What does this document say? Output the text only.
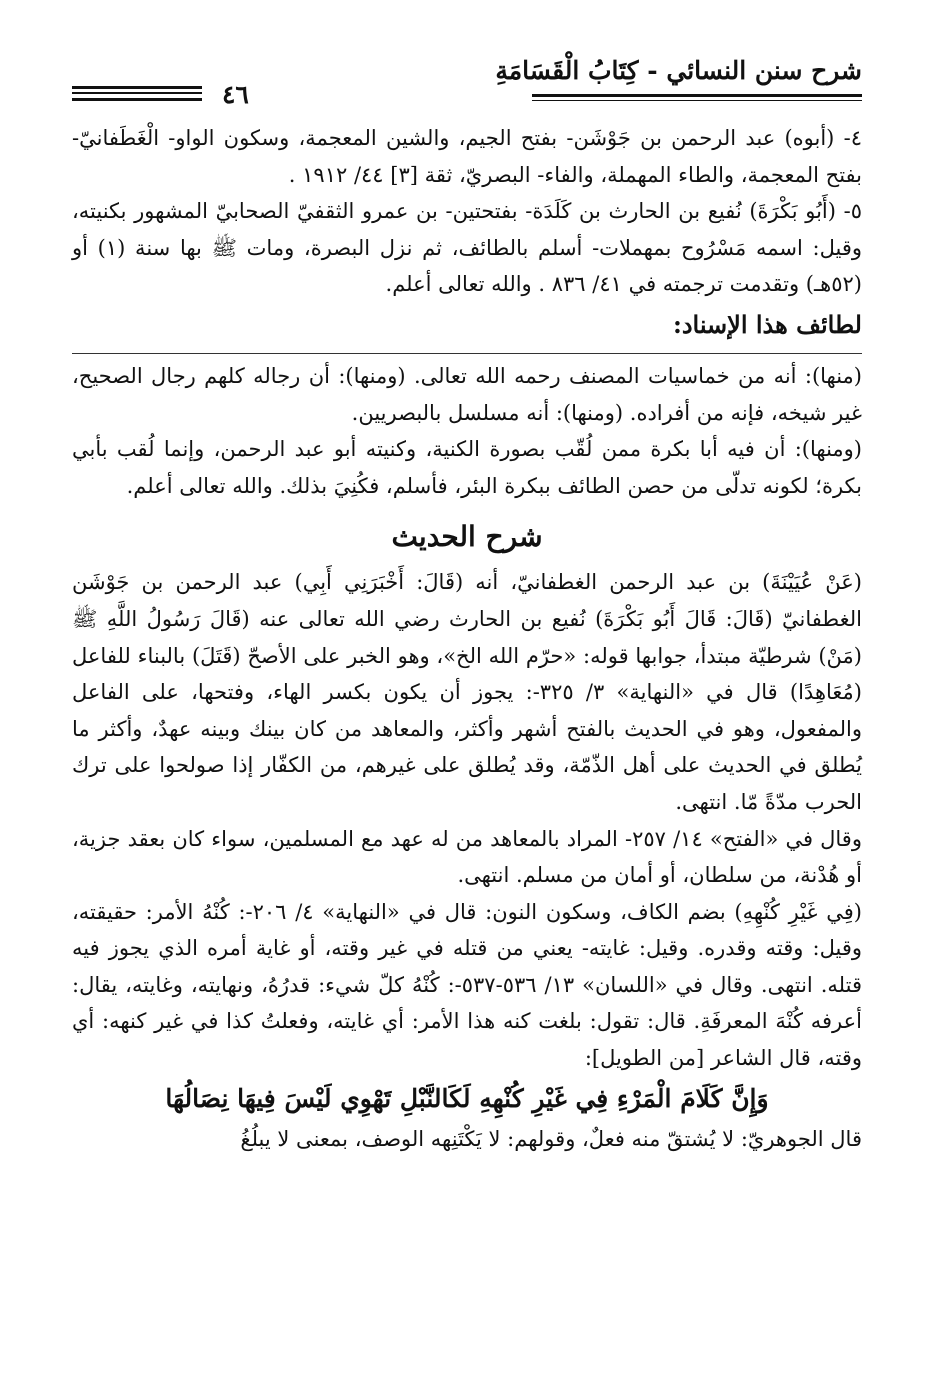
شرح سنن النسائي - كِتَابُ الْقَسَامَةِ
٤٦

٤- (أبوه) عبد الرحمن بن جَوْشَن- بفتح الجيم، والشين المعجمة، وسكون الواو- الْغَطَفانيّ- بفتح المعجمة، والطاء المهملة، والفاء- البصريّ، ثقة [٣] ٤٤/ ١٩١٢ .

٥- (أَبُو بَكْرَةَ) نُفيع بن الحارث بن كَلَدَة- بفتحتين- بن عمرو الثقفيّ الصحابيّ المشهور بكنيته، وقيل: اسمه مَسْرُوح بمهملات- أسلم بالطائف، ثم نزل البصرة، ومات ﷺ بها سنة (١) أو (٥٢هـ) وتقدمت ترجمته في ٤١/ ٨٣٦ . والله تعالى أعلم.

لطائف هذا الإسناد:

(منها): أنه من خماسيات المصنف رحمه الله تعالى. (ومنها): أن رجاله كلهم رجال الصحيح، غير شيخه، فإنه من أفراده. (ومنها): أنه مسلسل بالبصريين.

(ومنها): أن فيه أبا بكرة ممن لُقّب بصورة الكنية، وكنيته أبو عبد الرحمن، وإنما لُقب بأبي بكرة؛ لكونه تدلّى من حصن الطائف ببكرة البئر، فأسلم، فكُنِيَ بذلك. والله تعالى أعلم.

شرح الحديث

(عَنْ عُيَيْنَةَ) بن عبد الرحمن الغطفانيّ، أنه (قَالَ: أَخْبَرَنِي أَبِي) عبد الرحمن بن جَوْشَن الغطفانيّ (قَالَ: قَالَ أَبُو بَكْرَةَ) نُفيع بن الحارث رضي الله تعالى عنه (قَالَ رَسُولُ اللَّهِ ﷺ (مَنْ) شرطيّة مبتدأ، جوابها قوله: «حرّم الله الخ»، وهو الخبر على الأصحّ (قَتَلَ) بالبناء للفاعل (مُعَاهِدًا) قال في «النهاية» ٣/ ٣٢٥-: يجوز أن يكون بكسر الهاء، وفتحها، على الفاعل والمفعول، وهو في الحديث بالفتح أشهر وأكثر، والمعاهد من كان بينك وبينه عهدٌ، وأكثر ما يُطلق في الحديث على أهل الذّمّة، وقد يُطلق على غيرهم، من الكفّار إذا صولحوا على ترك الحرب مدّةً مّا. انتهى.

وقال في «الفتح» ١٤/ ٢٥٧- المراد بالمعاهد من له عهد مع المسلمين، سواء كان بعقد جزية، أو هُدْنة، من سلطان، أو أمان من مسلم. انتهى.

(فِي غَيْرِ كُنْهِهِ) بضم الكاف، وسكون النون: قال في «النهاية» ٤/ ٢٠٦-: كُنْهُ الأمر: حقيقته، وقيل: وقته وقدره. وقيل: غايته- يعني من قتله في غير وقته، أو غاية أمره الذي يجوز فيه قتله. انتهى. وقال في «اللسان» ١٣/ ٥٣٦-٥٣٧-: كُنْهُ كلّ شيء: قدرُهُ، ونهايته، وغايته، يقال: أعرفه كُنْهَ المعرفَةِ. قال: تقول: بلغت كنه هذا الأمر: أي غايته، وفعلتُ كذا في غير كنهه: أي وقته، قال الشاعر [من الطويل]:

وَإِنَّ كَلَامَ الْمَرْءِ فِي غَيْرِ كُنْهِهِ لَكَالنَّبْلِ تَهْوِي لَيْسَ فِيهَا نِصَالُهَا

قال الجوهريّ: لا يُشتقّ منه فعلٌ، وقولهم: لا يَكْتَنِهه الوصف، بمعنى لا يبلُغُ
